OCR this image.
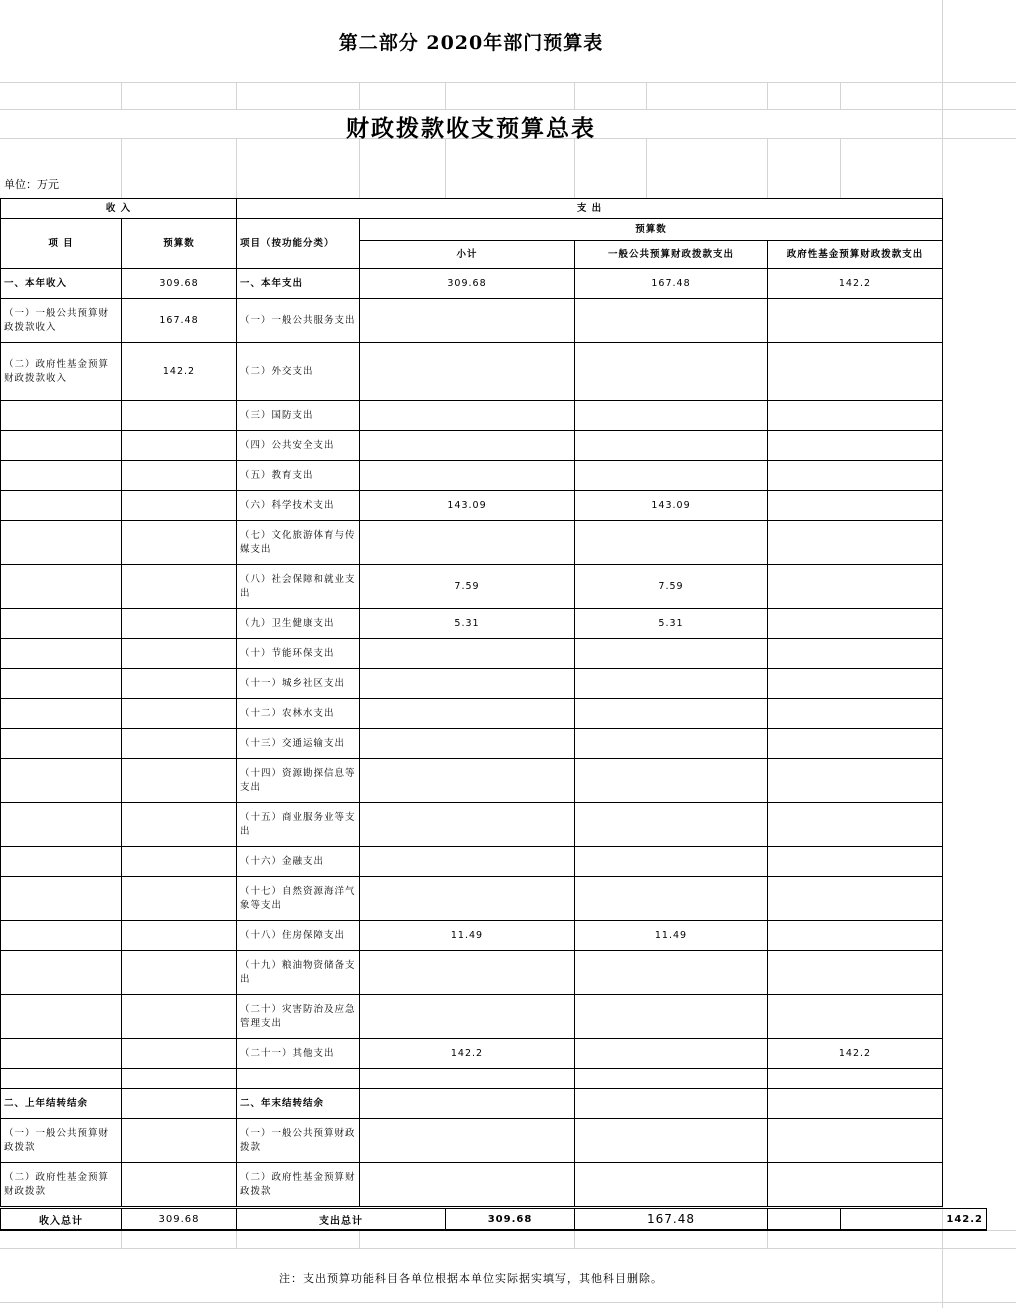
第二部分 2020年部门预算表
财政拨款收支预算总表
单位：万元
收 入		支 出			
项 目	预算数	项目（按功能分类）	预算数		
			小计	一般公共预算财政拨款支出	政府性基金预算财政拨款支出
一、本年收入	309.68	一、本年支出	309.68	167.48	142.2
（一）一般公共预算财政拨款收入	167.48	（一）一般公共服务支出			
（二）政府性基金预算财政拨款收入	142.2	（二）外交支出			
		（三）国防支出			
		（四）公共安全支出			
		（五）教育支出			
		（六）科学技术支出	143.09	143.09	
		（七）文化旅游体育与传媒支出			
		（八）社会保障和就业支出	7.59	7.59	
		（九）卫生健康支出	5.31	5.31	
		（十）节能环保支出			
		（十一）城乡社区支出			
		（十二）农林水支出			
		（十三）交通运输支出			
		（十四）资源勘探信息等支出			
		（十五）商业服务业等支出			
		（十六）金融支出			
		（十七）自然资源海洋气象等支出			
		（十八）住房保障支出	11.49	11.49	
		（十九）粮油物资储备支出			
		（二十）灾害防治及应急管理支出			
		（二十一）其他支出	142.2		142.2

二、上年结转结余		二、年末结转结余			
（一）一般公共预算财政拨款		（一）一般公共预算财政拨款			
（二）政府性基金预算财政拨款		（二）政府性基金预算财政拨款			
收入总计	309.68	支出总计	309.68	167.48		142.2
注：支出预算功能科目各单位根据本单位实际据实填写，其他科目删除。
